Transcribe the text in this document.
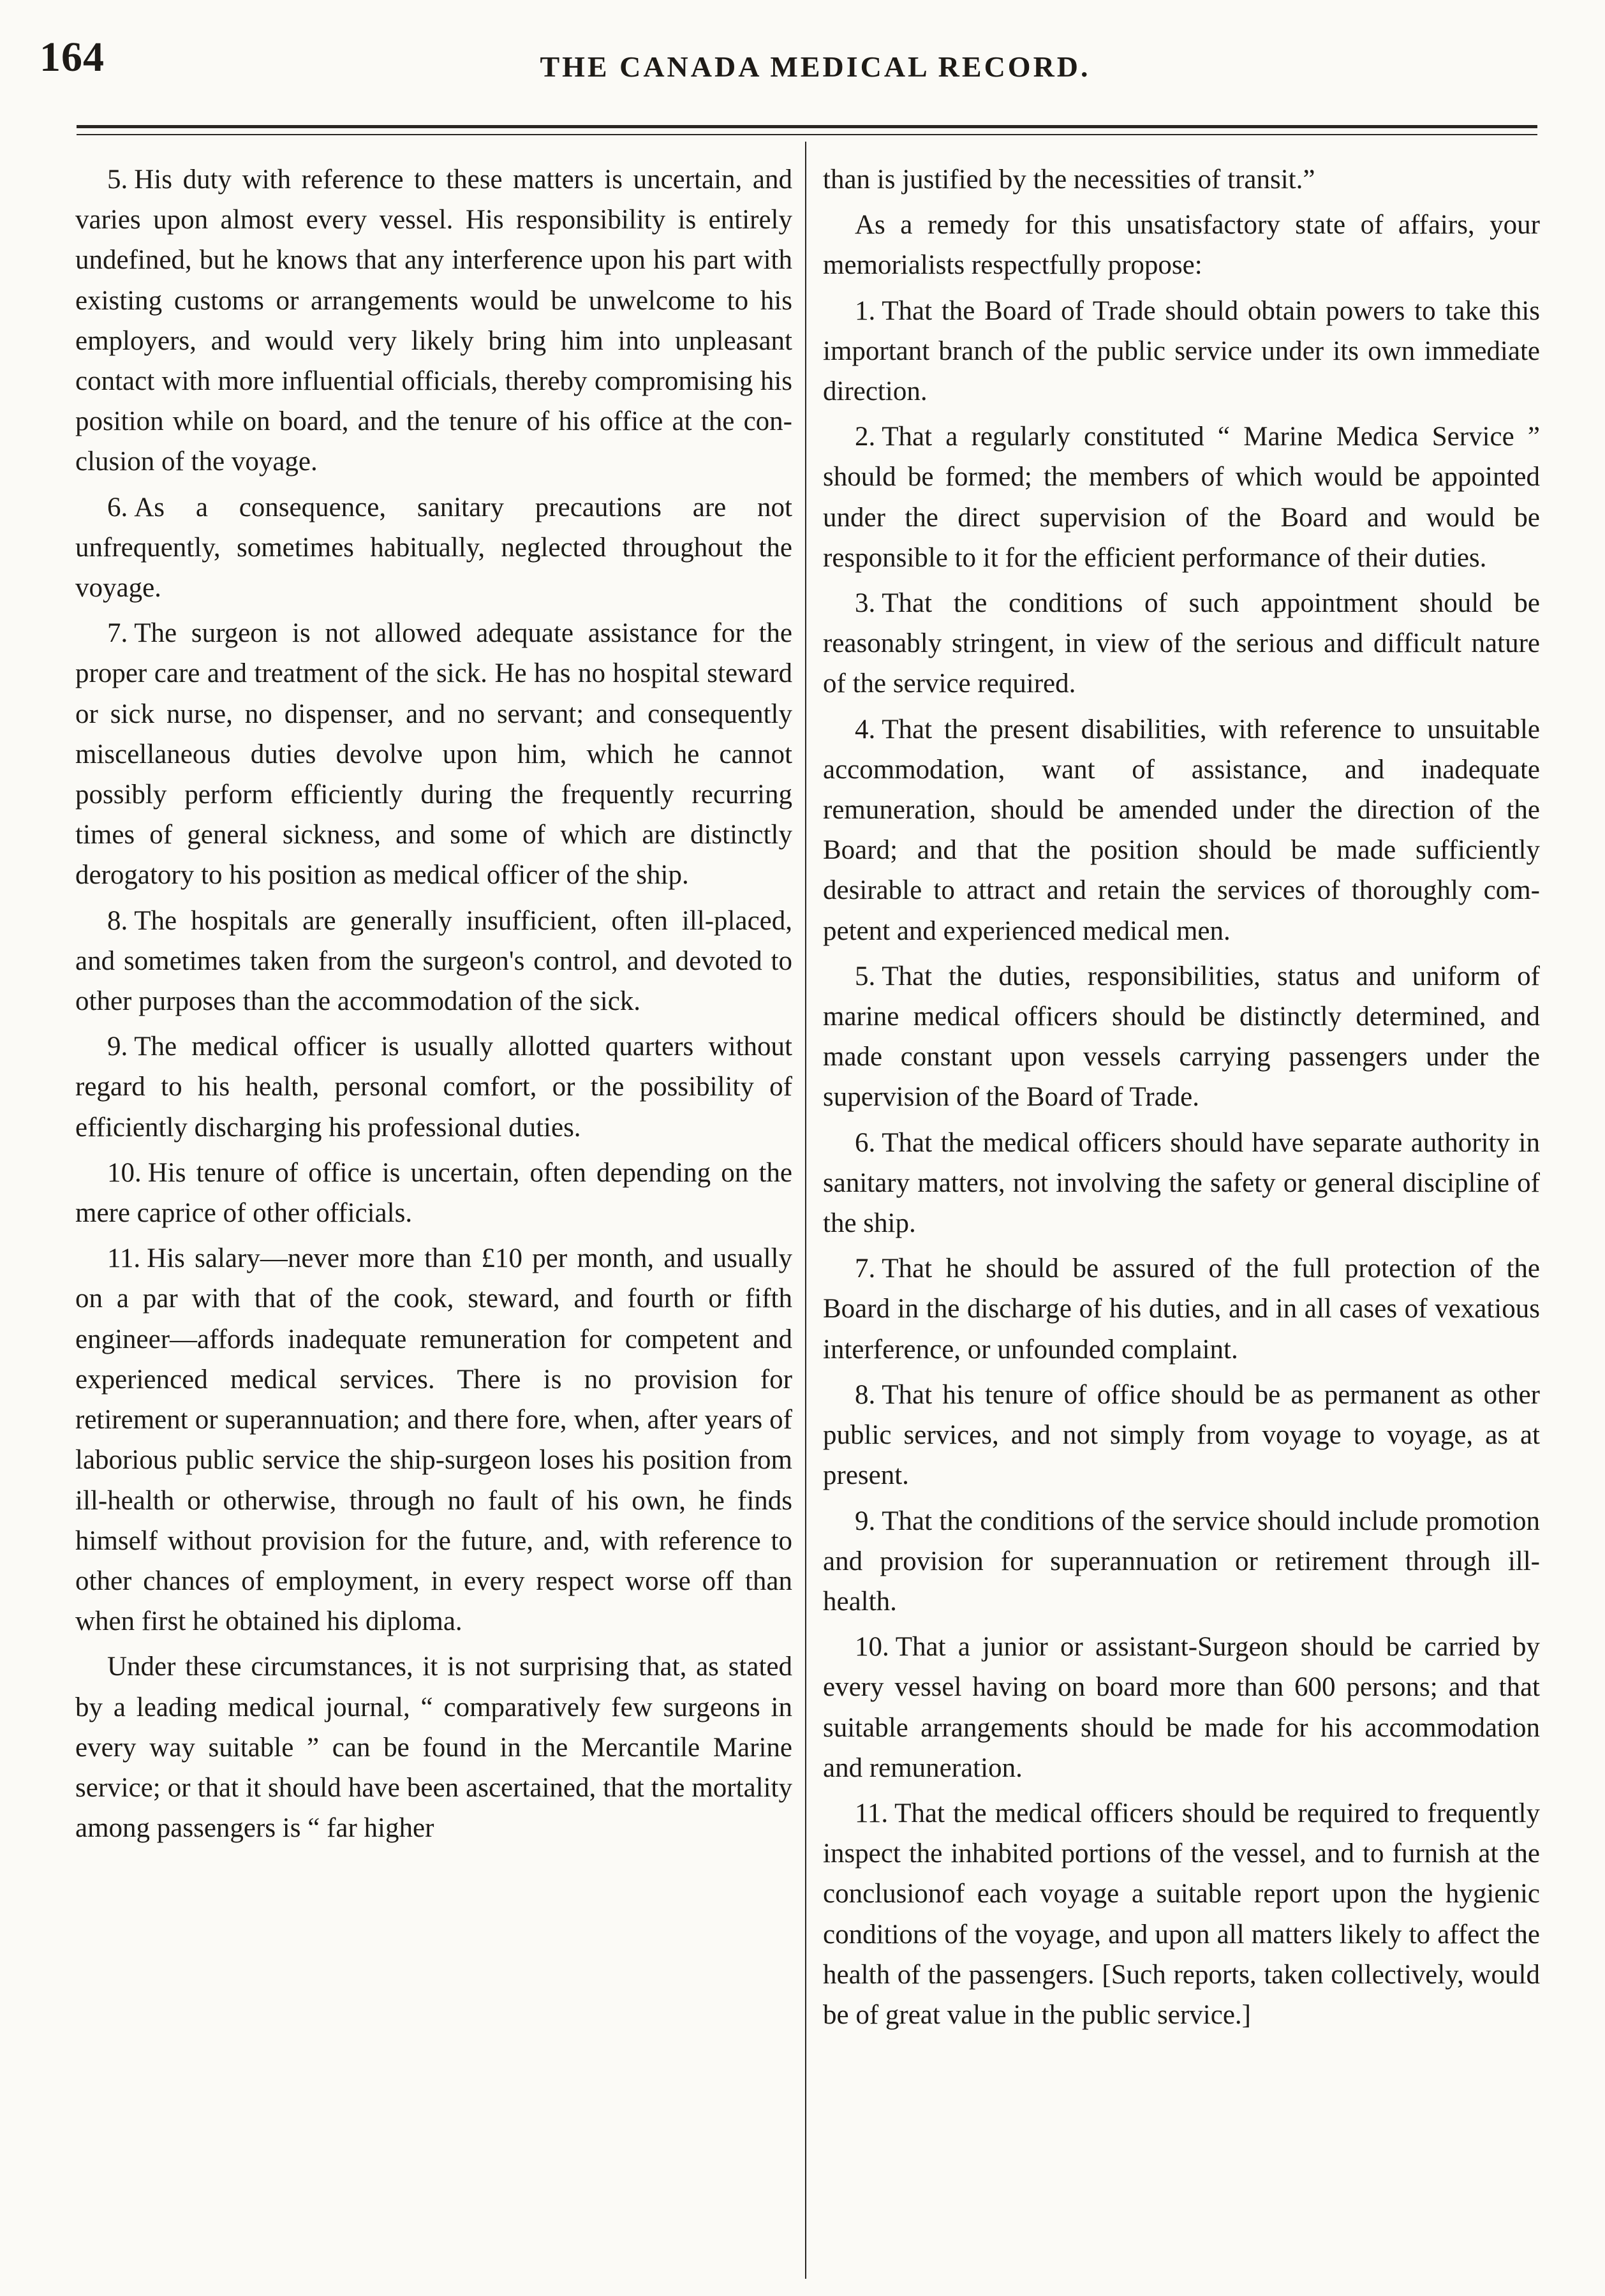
164	THE CANADA MEDICAL RECORD.

5. His duty with reference to these matters is uncertain, and varies upon almost every vessel. His responsibility is entirely undefined, but he knows that any interference upon his part with existing customs or arrangements would be unwelcome to his employers, and would very likely bring him into unpleasant contact with more influential officials, thereby compromising his position while on board, and the tenure of his office at the conclusion of the voyage.

6. As a consequence, sanitary precautions are not unfrequently, sometimes habitually, neglected throughout the voyage.

7. The surgeon is not allowed adequate assistance for the proper care and treatment of the sick. He has no hospital steward or sick nurse, no dispenser, and no servant; and consequently miscellaneous duties devolve upon him, which he cannot possibly perform efficiently during the frequently recurring times of general sickness, and some of which are distinctly derogatory to his position as medical officer of the ship.

8. The hospitals are generally insufficient, often ill-placed, and sometimes taken from the surgeon's control, and devoted to other purposes than the accommodation of the sick.

9. The medical officer is usually allotted quarters without regard to his health, personal comfort, or the possibility of efficiently discharging his professional duties.

10. His tenure of office is uncertain, often depending on the mere caprice of other officials.

11. His salary—never more than £10 per month, and usually on a par with that of the cook, steward, and fourth or fifth engineer—affords inadequate remuneration for competent and experienced medical services. There is no provision for retirement or superannuation; and there fore, when, after years of laborious public service the ship-surgeon loses his position from ill-health or otherwise, through no fault of his own, he finds himself without provision for the future, and, with reference to other chances of employment, in every respect worse off than when first he obtained his diploma.

Under these circumstances, it is not surprising that, as stated by a leading medical journal, “ comparatively few surgeons in every way suitable ” can be found in the Mercantile Marine service; or that it should have been ascertained, that the mortality among passengers is “ far higher

than is justified by the necessities of transit.”

As a remedy for this unsatisfactory state of affairs, your memorialists respectfully propose:

1. That the Board of Trade should obtain powers to take this important branch of the public service under its own immediate direction.

2. That a regularly constituted “ Marine Medica Service ” should be formed; the members of which would be appointed under the direct supervision of the Board and would be responsible to it for the efficient performance of their duties.

3. That the conditions of such appointment should be reasonably stringent, in view of the serious and difficult nature of the service required.

4. That the present disabilities, with reference to unsuitable accommodation, want of assistance, and inadequate remuneration, should be amended under the direction of the Board; and that the position should be made sufficiently desirable to attract and retain the services of thoroughly competent and experienced medical men.

5. That the duties, responsibilities, status and uniform of marine medical officers should be distinctly determined, and made constant upon vessels carrying passengers under the supervision of the Board of Trade.

6. That the medical officers should have separate authority in sanitary matters, not involving the safety or general discipline of the ship.

7. That he should be assured of the full protection of the Board in the discharge of his duties, and in all cases of vexatious interference, or unfounded complaint.

8. That his tenure of office should be as permanent as other public services, and not simply from voyage to voyage, as at present.

9. That the conditions of the service should include promotion and provision for superannuation or retirement through ill-health.

10. That a junior or assistant-Surgeon should be carried by every vessel having on board more than 600 persons; and that suitable arrangements should be made for his accommodation and remuneration.

11. That the medical officers should be required to frequently inspect the inhabited portions of the vessel, and to furnish at the conclusionof each voyage a suitable report upon the hygienic conditions of the voyage, and upon all matters likely to affect the health of the passengers. [Such reports, taken collectively, would be of great value in the public service.]
